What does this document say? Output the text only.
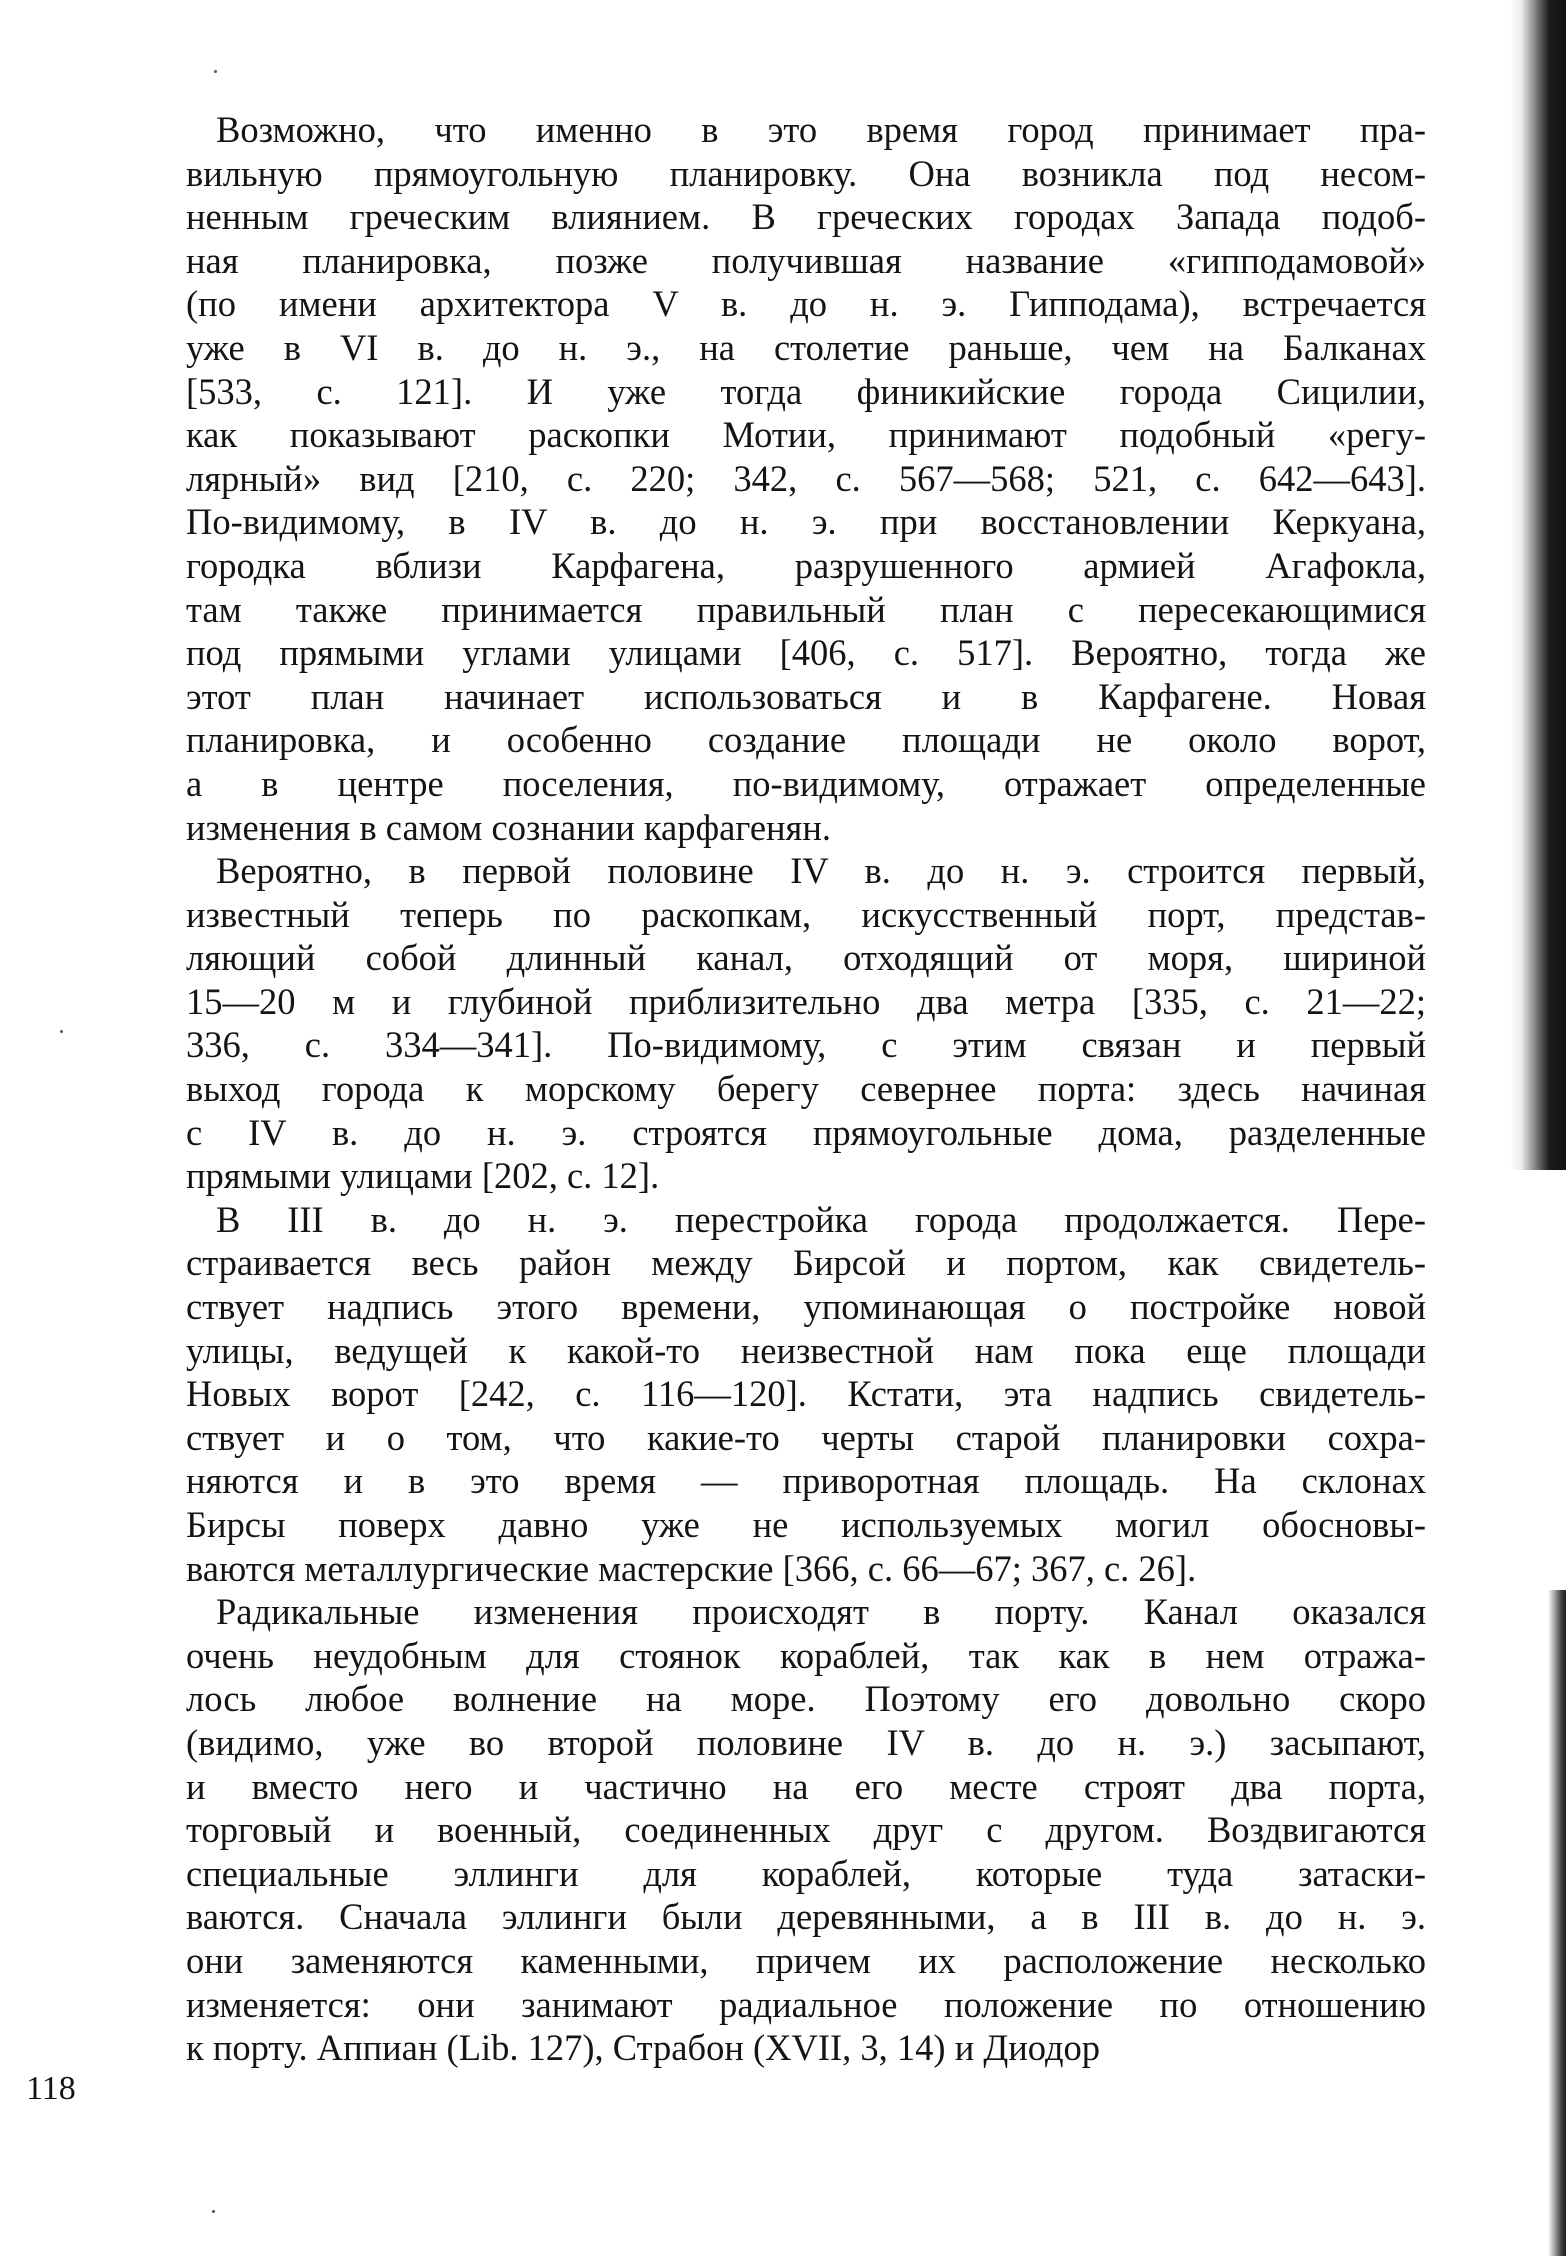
Возможно, что именно в это время город принимает пра-
вильную прямоугольную планировку. Она возникла под несом-
ненным греческим влиянием. В греческих городах Запада подоб-
ная планировка, позже получившая название «гипподамовой»
(по имени архитектора V в. до н. э. Гипподама), встречается
уже в VI в. до н. э., на столетие раньше, чем на Балканах
[533, с. 121]. И уже тогда финикийские города Сицилии,
как показывают раскопки Мотии, принимают подобный «регу-
лярный» вид [210, с. 220; 342, с. 567—568; 521, с. 642—643].
По-видимому, в IV в. до н. э. при восстановлении Керкуана,
городка вблизи Карфагена, разрушенного армией Агафокла,
там также принимается правильный план с пересекающимися
под прямыми углами улицами [406, с. 517]. Вероятно, тогда же
этот план начинает использоваться и в Карфагене. Новая
планировка, и особенно создание площади не около ворот,
а в центре поселения, по-видимому, отражает определенные
изменения в самом сознании карфагенян.
Вероятно, в первой половине IV в. до н. э. строится первый,
известный теперь по раскопкам, искусственный порт, представ-
ляющий собой длинный канал, отходящий от моря, шириной
15—20 м и глубиной приблизительно два метра [335, с. 21—22;
336, с. 334—341]. По-видимому, с этим связан и первый
выход города к морскому берегу севернее порта: здесь начиная
с IV в. до н. э. строятся прямоугольные дома, разделенные
прямыми улицами [202, с. 12].
В III в. до н. э. перестройка города продолжается. Пере-
страивается весь район между Бирсой и портом, как свидетель-
ствует надпись этого времени, упоминающая о постройке новой
улицы, ведущей к какой-то неизвестной нам пока еще площади
Новых ворот [242, с. 116—120]. Кстати, эта надпись свидетель-
ствует и о том, что какие-то черты старой планировки сохра-
няются и в это время — приворотная площадь. На склонах
Бирсы поверх давно уже не используемых могил обосновы-
ваются металлургические мастерские [366, с. 66—67; 367, с. 26].
Радикальные изменения происходят в порту. Канал оказался
очень неудобным для стоянок кораблей, так как в нем отража-
лось любое волнение на море. Поэтому его довольно скоро
(видимо, уже во второй половине IV в. до н. э.) засыпают,
и вместо него и частично на его месте строят два порта,
торговый и военный, соединенных друг с другом. Воздвигаются
специальные эллинги для кораблей, которые туда затаски-
ваются. Сначала эллинги были деревянными, а в III в. до н. э.
они заменяются каменными, причем их расположение несколько
изменяется: они занимают радиальное положение по отношению
к порту. Аппиан (Lib. 127), Страбон (XVII, 3, 14) и Диодор
118
